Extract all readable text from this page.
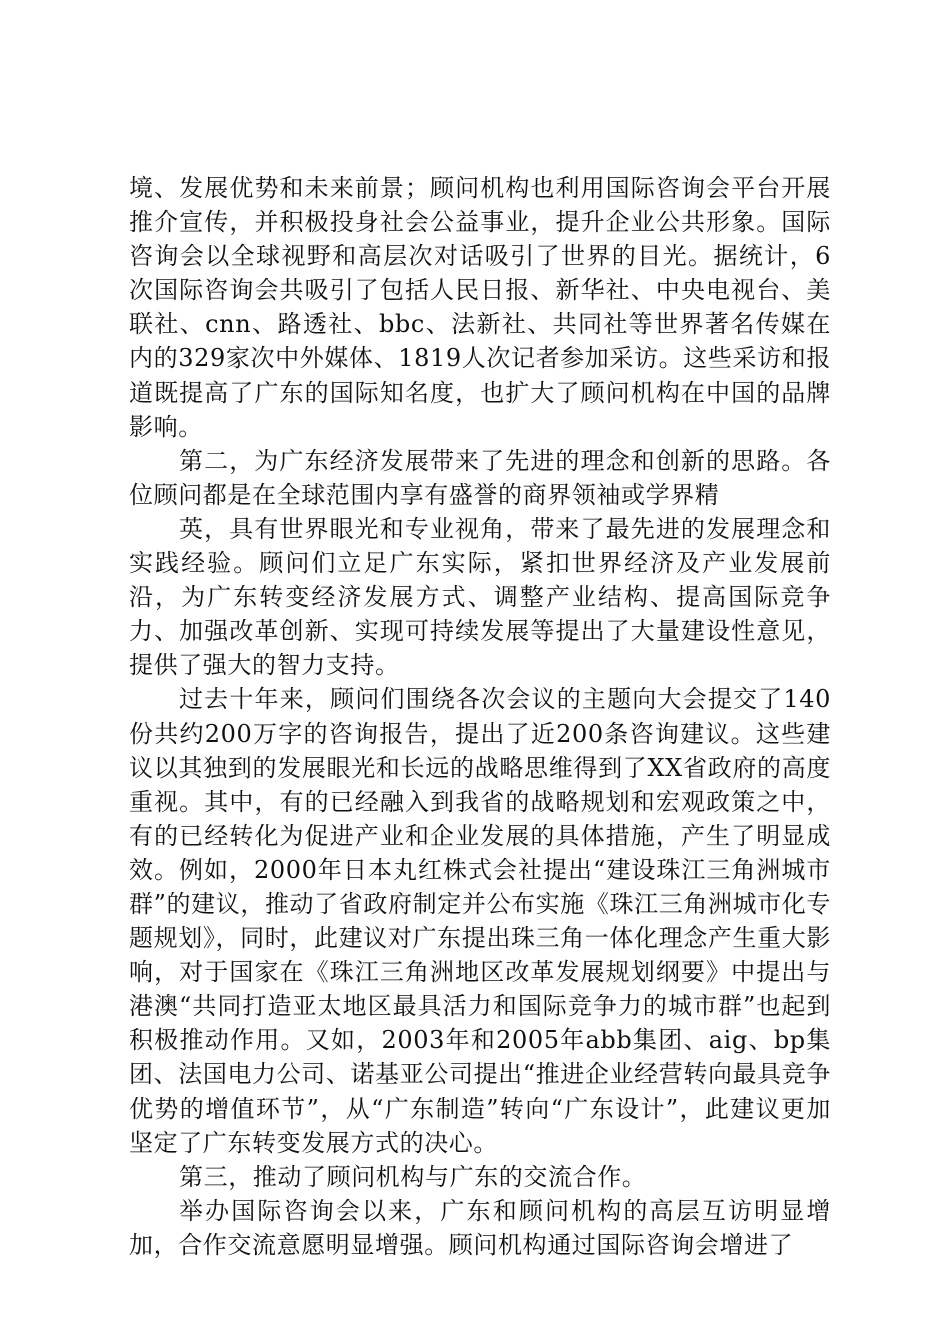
境、发展优势和未来前景；顾问机构也利用国际咨询会平台开展推介宣传，并积极投身社会公益事业，提升企业公共形象。国际咨询会以全球视野和高层次对话吸引了世界的目光。据统计，6次国际咨询会共吸引了包括人民日报、新华社、中央电视台、美联社、cnn、路透社、bbc、法新社、共同社等世界著名传媒在内的329家次中外媒体、1819人次记者参加采访。这些采访和报道既提高了广东的国际知名度，也扩大了顾问机构在中国的品牌影响。

第二，为广东经济发展带来了先进的理念和创新的思路。各位顾问都是在全球范围内享有盛誉的商界领袖或学界精

英，具有世界眼光和专业视角，带来了最先进的发展理念和实践经验。顾问们立足广东实际，紧扣世界经济及产业发展前沿，为广东转变经济发展方式、调整产业结构、提高国际竞争力、加强改革创新、实现可持续发展等提出了大量建设性意见，提供了强大的智力支持。

过去十年来，顾问们围绕各次会议的主题向大会提交了140份共约200万字的咨询报告，提出了近200条咨询建议。这些建议以其独到的发展眼光和长远的战略思维得到了XX省政府的高度重视。其中，有的已经融入到我省的战略规划和宏观政策之中，有的已经转化为促进产业和企业发展的具体措施，产生了明显成效。例如，2000年日本丸红株式会社提出“建设珠江三角洲城市群”的建议，推动了省政府制定并公布实施《珠江三角洲城市化专题规划》，同时，此建议对广东提出珠三角一体化理念产生重大影响，对于国家在《珠江三角洲地区改革发展规划纲要》中提出与港澳“共同打造亚太地区最具活力和国际竞争力的城市群”也起到积极推动作用。又如，2003年和2005年abb集团、aig、bp集团、法国电力公司、诺基亚公司提出“推进企业经营转向最具竞争优势的增值环节”，从“广东制造”转向“广东设计”，此建议更加坚定了广东转变发展方式的决心。

第三，推动了顾问机构与广东的交流合作。

举办国际咨询会以来，广东和顾问机构的高层互访明显增加，合作交流意愿明显增强。顾问机构通过国际咨询会增进了
